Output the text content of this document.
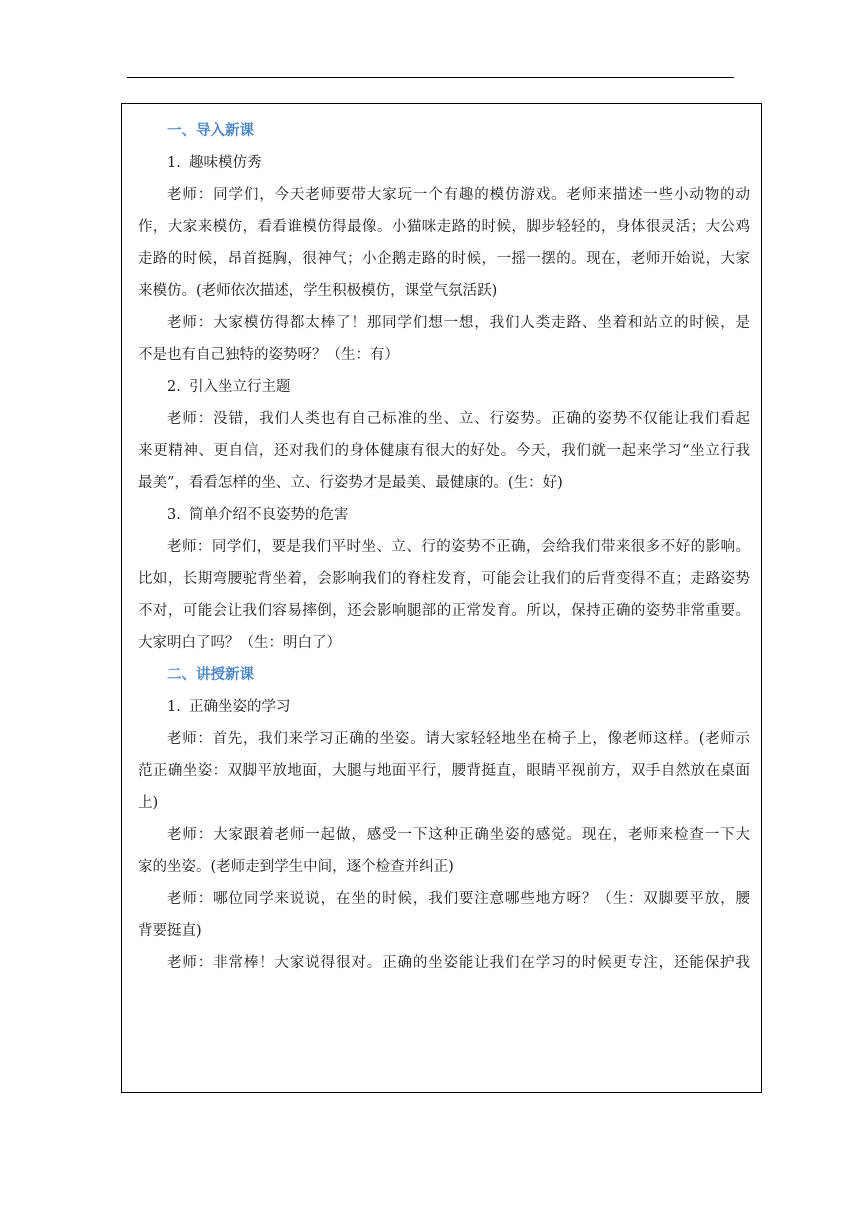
一、导入新课
1. 趣味模仿秀
老师：同学们，今天老师要带大家玩一个有趣的模仿游戏。老师来描述一些小动物的动
作，大家来模仿，看看谁模仿得最像。小猫咪走路的时候，脚步轻轻的，身体很灵活；大公鸡
走路的时候，昂首挺胸，很神气；小企鹅走路的时候，一摇一摆的。现在，老师开始说，大家
来模仿。(老师依次描述，学生积极模仿，课堂气氛活跃)
老师：大家模仿得都太棒了！那同学们想一想，我们人类走路、坐着和站立的时候，是
不是也有自己独特的姿势呀？（生：有）
2. 引入坐立行主题
老师：没错，我们人类也有自己标准的坐、立、行姿势。正确的姿势不仅能让我们看起
来更精神、更自信，还对我们的身体健康有很大的好处。今天，我们就一起来学习“坐立行我
最美”，看看怎样的坐、立、行姿势才是最美、最健康的。(生：好)
3. 简单介绍不良姿势的危害
老师：同学们，要是我们平时坐、立、行的姿势不正确，会给我们带来很多不好的影响。
比如，长期弯腰驼背坐着，会影响我们的脊柱发育，可能会让我们的后背变得不直；走路姿势
不对，可能会让我们容易摔倒，还会影响腿部的正常发育。所以，保持正确的姿势非常重要。
大家明白了吗？（生：明白了）
二、讲授新课
1. 正确坐姿的学习
老师：首先，我们来学习正确的坐姿。请大家轻轻地坐在椅子上，像老师这样。(老师示
范正确坐姿：双脚平放地面，大腿与地面平行，腰背挺直，眼睛平视前方，双手自然放在桌面
上)
老师：大家跟着老师一起做，感受一下这种正确坐姿的感觉。现在，老师来检查一下大
家的坐姿。(老师走到学生中间，逐个检查并纠正)
老师：哪位同学来说说，在坐的时候，我们要注意哪些地方呀？（生：双脚要平放，腰
背要挺直)
老师：非常棒！大家说得很对。正确的坐姿能让我们在学习的时候更专注，还能保护我
